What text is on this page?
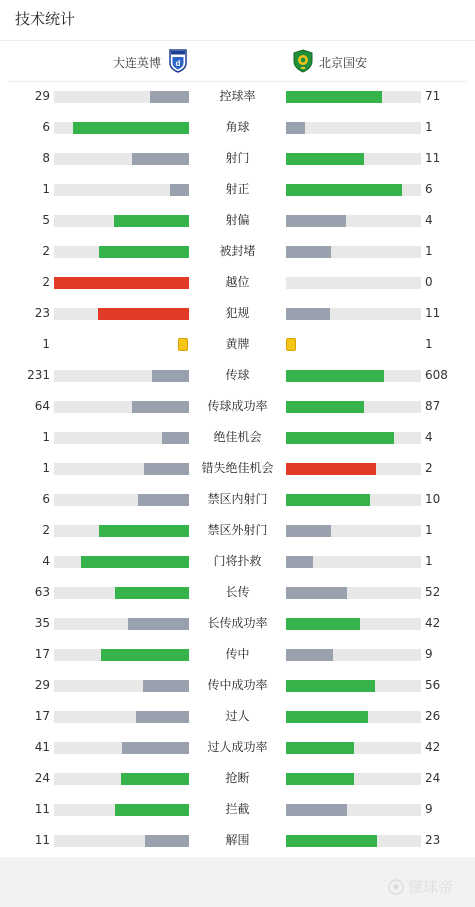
技术统计
大连英博 d	北京国安
29	控球率	71
6	角球	1
8	射门	11
1	射正	6
5	射偏	4
2	被封堵	1
2	越位	0
23	犯规	11
1	黄牌	1
231	传球	608
64	传球成功率	87
1	绝佳机会	4
1	错失绝佳机会	2
6	禁区内射门	10
2	禁区外射门	1
4	门将扑救	1
63	长传	52
35	长传成功率	42
17	传中	9
29	传中成功率	56
17	过人	26
41	过人成功率	42
24	抢断	24
11	拦截	9
11	解围	23
懂球帝
